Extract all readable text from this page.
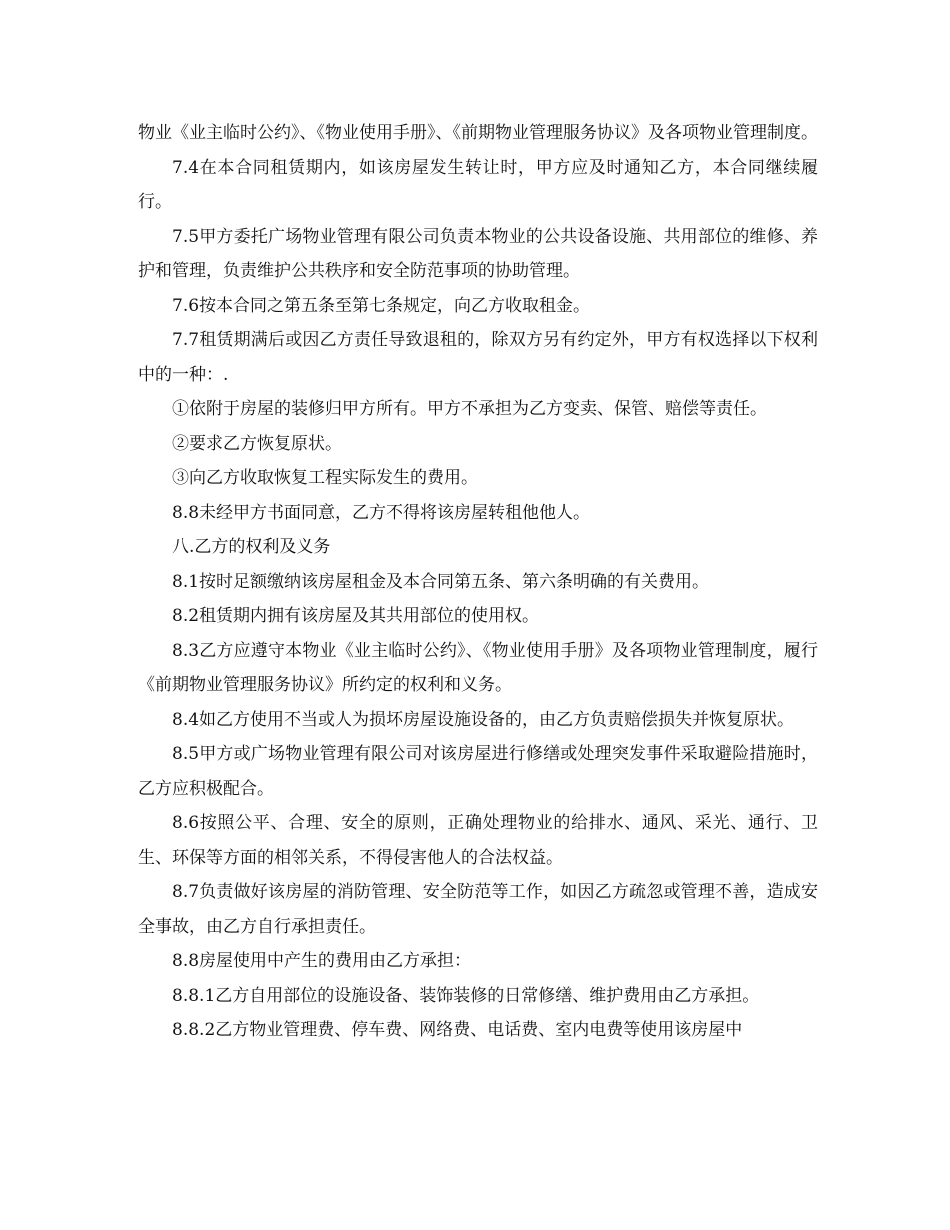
物业《业主临时公约》、《物业使用手册》、《前期物业管理服务协议》及各项物业管理制度。

7.4在本合同租赁期内，如该房屋发生转让时，甲方应及时通知乙方，本合同继续履行。

7.5甲方委托广场物业管理有限公司负责本物业的公共设备设施、共用部位的维修、养护和管理，负责维护公共秩序和安全防范事项的协助管理。

7.6按本合同之第五条至第七条规定，向乙方收取租金。

7.7租赁期满后或因乙方责任导致退租的，除双方另有约定外，甲方有权选择以下权利中的一种：.

①依附于房屋的装修归甲方所有。甲方不承担为乙方变卖、保管、赔偿等责任。

②要求乙方恢复原状。

③向乙方收取恢复工程实际发生的费用。

8.8未经甲方书面同意，乙方不得将该房屋转租他他人。

八.乙方的权利及义务

8.1按时足额缴纳该房屋租金及本合同第五条、第六条明确的有关费用。

8.2租赁期内拥有该房屋及其共用部位的使用权。

8.3乙方应遵守本物业《业主临时公约》、《物业使用手册》及各项物业管理制度，履行《前期物业管理服务协议》所约定的权利和义务。

8.4如乙方使用不当或人为损坏房屋设施设备的，由乙方负责赔偿损失并恢复原状。

8.5甲方或广场物业管理有限公司对该房屋进行修缮或处理突发事件采取避险措施时，乙方应积极配合。

8.6按照公平、合理、安全的原则，正确处理物业的给排水、通风、采光、通行、卫生、环保等方面的相邻关系，不得侵害他人的合法权益。

8.7负责做好该房屋的消防管理、安全防范等工作，如因乙方疏忽或管理不善，造成安全事故，由乙方自行承担责任。

8.8房屋使用中产生的费用由乙方承担：

8.8.1乙方自用部位的设施设备、装饰装修的日常修缮、维护费用由乙方承担。

8.8.2乙方物业管理费、停车费、网络费、电话费、室内电费等使用该房屋中
